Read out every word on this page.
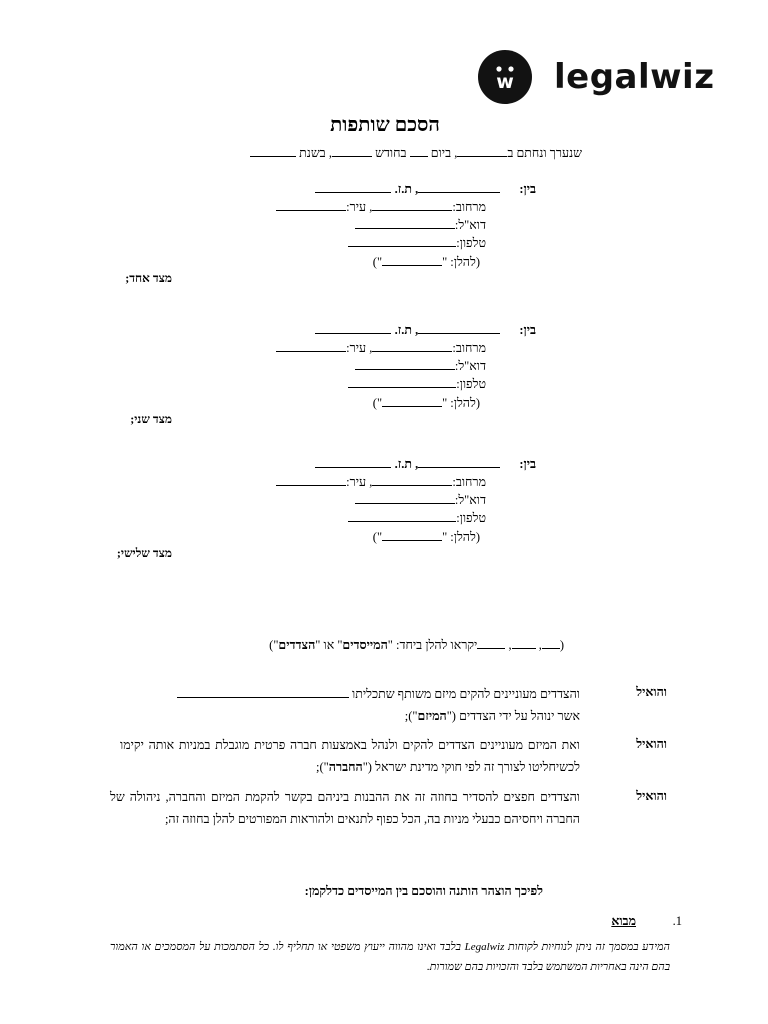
w legalwiz
הסכם שותפות
שנערך ונחתם ב, ביום  בחודש , בשנת
בין: , ת.ז.
מרחוב:, עיר:
דוא"ל:
טלפון:
(להלן: "")
מצד אחד;
בין: , ת.ז.
מרחוב:, עיר:
דוא"ל:
טלפון:
(להלן: "")
מצד שני;
בין: , ת.ז.
מרחוב:, עיר:
דוא"ל:
טלפון:
(להלן: "")
מצד שלישי;
(, , יקראו להלן ביחד: "המייסדים" או "הצדדים")
והואיל
והצדדים מעוניינים להקים מיזם משותף שתכליתו
אשר ינוהל על ידי הצדדים ("המיזם");
והואיל
ואת המיזם מעוניינים הצדדים להקים ולנהל באמצעות חברה פרטית מוגבלת במניות אותה יקימו לכשיחליטו לצורך זה לפי חוקי מדינת ישראל ("החברה");
והואיל
והצדדים חפצים להסדיר בחוזה זה את ההבנות ביניהם בקשר להקמת המיזם והחברה, ניהולה של החברה ויחסיהם כבעלי מניות בה, הכל כפוף לתנאים ולהוראות המפורטים להלן בחוזה זה;
לפיכך הוצהר הותנה והוסכם בין המייסדים כדלקמן:
1.
מבוא
המידע במסמך זה ניתן לנוחיות לקוחות Legalwiz בלבד ואינו מהווה ייעוץ משפטי או תחליף לו. כל הסתמכות על המסמכים או האמור בהם הינה באחריות המשתמש בלבד והזכויות בהם שמורות.
